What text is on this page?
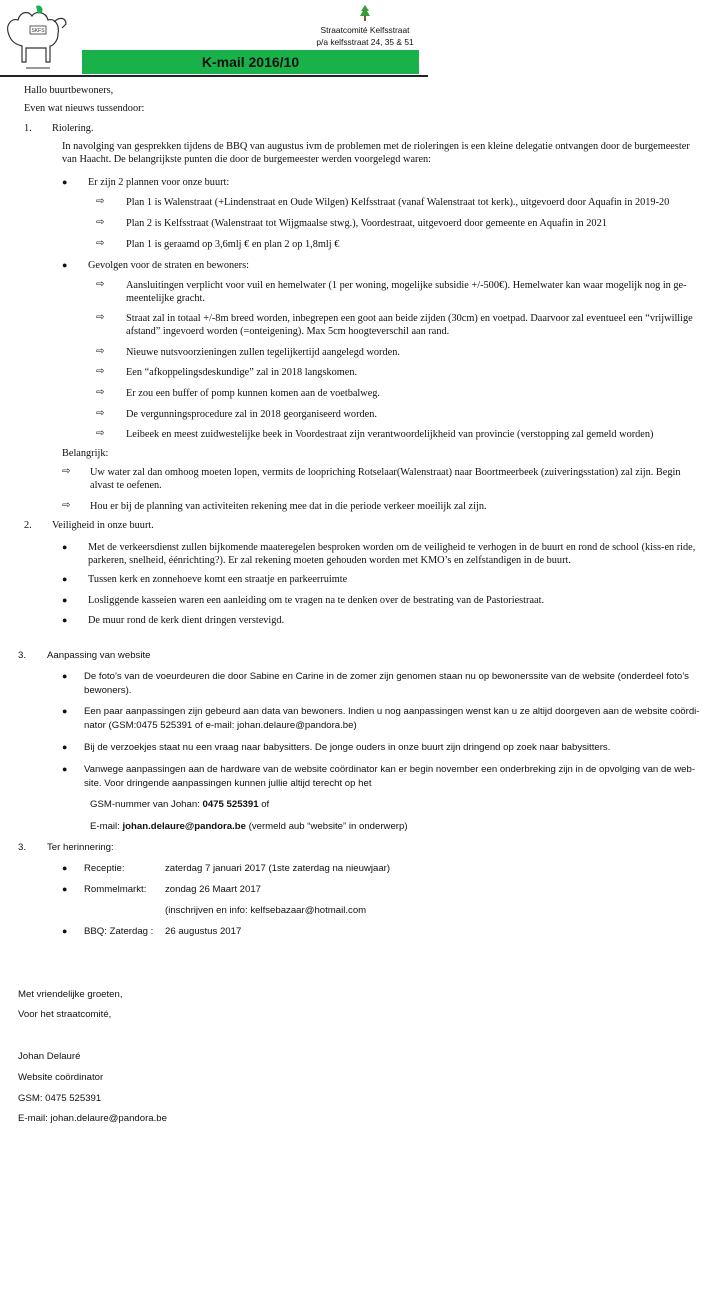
SKFS	Straatcomité Kelfsstraat
p/a kelfsstraat 24, 35 & 51
K-mail 2016/10
Hallo buurtbewoners,
Even wat nieuws tussendoor:
1. Riolering.
In navolging van gesprekken tijdens de BBQ van augustus ivm de problemen met de rioleringen is een kleine delegatie ontvangen door de burgemeester
van Haacht. De belangrijkste punten die door de burgemeester werden voorgelegd waren:
● Er zijn 2 plannen voor onze buurt:
⇨ Plan 1 is Walenstraat (+Lindenstraat en Oude Wilgen) Kelfsstraat (vanaf Walenstraat tot kerk)., uitgevoerd door Aquafin in 2019-20
⇨ Plan 2 is Kelfsstraat (Walenstraat tot Wijgmaalse stwg.), Voordestraat, uitgevoerd door gemeente en Aquafin in 2021
⇨ Plan 1 is geraamd op 3,6mlj € en plan 2 op 1,8mlj €
● Gevolgen voor de straten en bewoners:
⇨ Aansluitingen verplicht voor vuil en hemelwater (1 per woning, mogelijke subsidie +/-500€). Hemelwater kan waar mogelijk nog in ge-
meentelijke gracht.
⇨ Straat zal in totaal +/-8m breed worden, inbegrepen een goot aan beide zijden (30cm) en voetpad. Daarvoor zal eventueel een “vrijwillige
afstand” ingevoerd worden (=onteigening). Max 5cm hoogteverschil aan rand.
⇨ Nieuwe nutsvoorzieningen zullen tegelijkertijd aangelegd worden.
⇨ Een “afkoppelingsdeskundige” zal in 2018 langskomen.
⇨ Er zou een buffer of pomp kunnen komen aan de voetbalweg.
⇨ De vergunningsprocedure zal in 2018 georganiseerd worden.
⇨ Leibeek en meest zuidwestelijke beek in Voordestraat zijn verantwoordelijkheid van provincie (verstopping zal gemeld worden)
Belangrijk:
⇨ Uw water zal dan omhoog moeten lopen, vermits de loopriching Rotselaar(Walenstraat) naar Boortmeerbeek (zuiveringsstation) zal zijn. Begin
alvast te oefenen.
⇨ Hou er bij de planning van activiteiten rekening mee dat in die periode verkeer moeilijk zal zijn.
2. Veiligheid in onze buurt.
● Met de verkeersdienst zullen bijkomende maateregelen besproken worden om de veiligheid te verhogen in de buurt en rond de school (kiss-en ride,
parkeren, snelheid, éénrichting?). Er zal rekening moeten gehouden worden met KMO’s en zelfstandigen in de buurt.
● Tussen kerk en zonnehoeve komt een straatje en parkeerruimte
● Losliggende kasseien waren een aanleiding om te vragen na te denken over de bestrating van de Pastoriestraat.
● De muur rond de kerk dient dringen verstevigd.
3. Aanpassing van website
● De foto’s van de voeurdeuren die door Sabine en Carine in de zomer zijn genomen staan nu op bewonerssite van de website (onderdeel foto’s
bewoners).
● Een paar aanpassingen zijn gebeurd aan data van bewoners. Indien u nog aanpassingen wenst kan u ze altijd doorgeven aan de website coördi-
nator (GSM:0475 525391 of e-mail: johan.delaure@pandora.be)
● Bij de verzoekjes staat nu een vraag naar babysitters. De jonge ouders in onze buurt zijn dringend op zoek naar babysitters.
● Vanwege aanpassingen aan de hardware van de website coördinator kan er begin november een onderbreking zijn in de opvolging van de web-
site. Voor dringende aanpassingen kunnen jullie altijd terecht op het
GSM-nummer van Johan: 0475 525391 of
E-mail: johan.delaure@pandora.be (vermeld aub “website” in onderwerp)
3. Ter herinnering:
● Receptie:	zaterdag 7 januari 2017 (1ste zaterdag na nieuwjaar)
● Rommelmarkt: zondag 26 Maart 2017
(inschrijven en info: kelfsebazaar@hotmail.com
● BBQ: Zaterdag : 26 augustus 2017
Met vriendelijke groeten,
Voor het straatcomité,
Johan Delauré
Website coördinator
GSM: 0475 525391
E-mail: johan.delaure@pandora.be
